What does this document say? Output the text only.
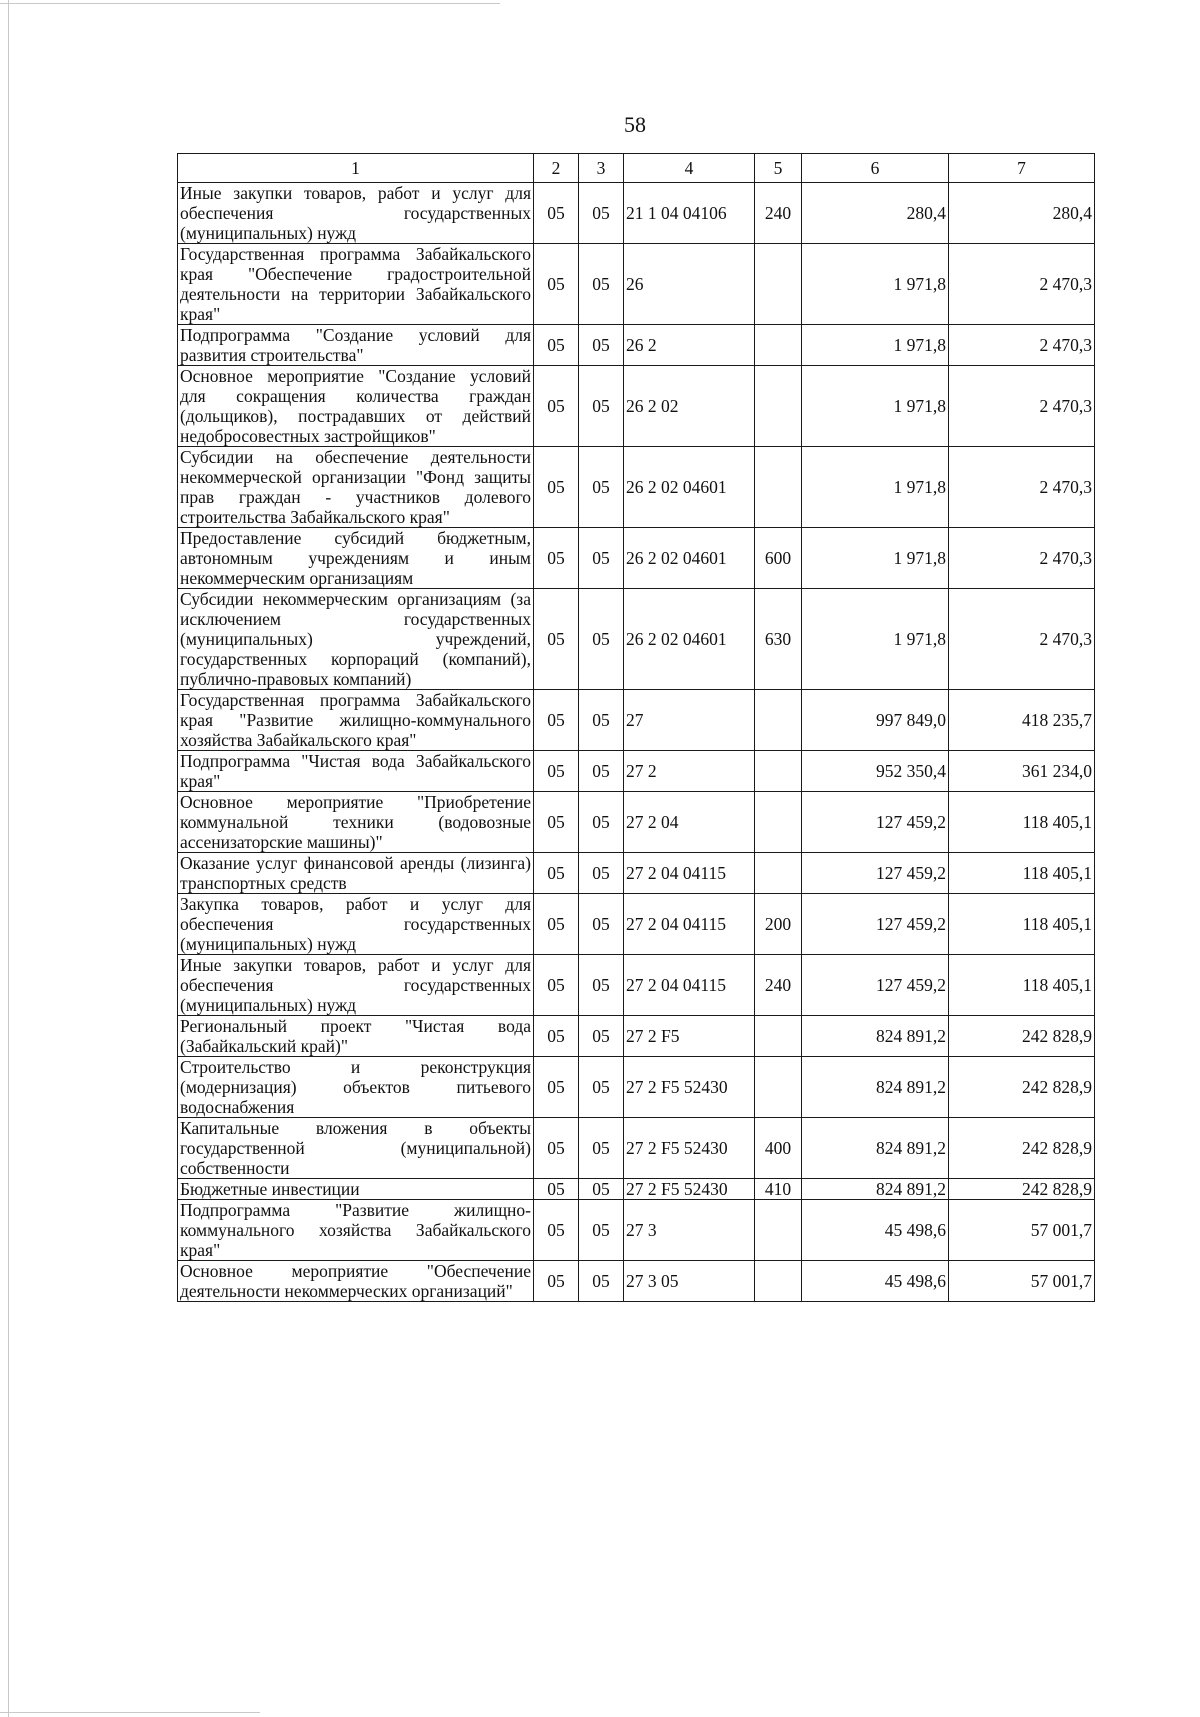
58
1	2	3	4	5	6	7
Иные закупки товаров, работ и услуг для обеспечения государственных (муниципальных) нужд	05	05	21 1 04 04106	240	280,4	280,4
Государственная программа Забайкальского края "Обеспечение градостроительной деятельности на территории Забайкальского края"	05	05	26		1 971,8	2 470,3
Подпрограмма "Создание условий для развития строительства"	05	05	26 2		1 971,8	2 470,3
Основное мероприятие "Создание условий для сокращения количества граждан (дольщиков), пострадавших от действий недобросовестных застройщиков"	05	05	26 2 02		1 971,8	2 470,3
Субсидии на обеспечение деятельности некоммерческой организации "Фонд защиты прав граждан - участников долевого строительства Забайкальского края"	05	05	26 2 02 04601		1 971,8	2 470,3
Предоставление субсидий бюджетным, автономным учреждениям и иным некоммерческим организациям	05	05	26 2 02 04601	600	1 971,8	2 470,3
Субсидии некоммерческим организациям (за исключением государственных (муниципальных) учреждений, государственных корпораций (компаний), публично-правовых компаний)	05	05	26 2 02 04601	630	1 971,8	2 470,3
Государственная программа Забайкальского края "Развитие жилищно-коммунального хозяйства Забайкальского края"	05	05	27		997 849,0	418 235,7
Подпрограмма "Чистая вода Забайкальского края"	05	05	27 2		952 350,4	361 234,0
Основное мероприятие "Приобретение коммунальной техники (водовозные ассенизаторские машины)"	05	05	27 2 04		127 459,2	118 405,1
Оказание услуг финансовой аренды (лизинга) транспортных средств	05	05	27 2 04 04115		127 459,2	118 405,1
Закупка товаров, работ и услуг для обеспечения государственных (муниципальных) нужд	05	05	27 2 04 04115	200	127 459,2	118 405,1
Иные закупки товаров, работ и услуг для обеспечения государственных (муниципальных) нужд	05	05	27 2 04 04115	240	127 459,2	118 405,1
Региональный проект "Чистая вода (Забайкальский край)"	05	05	27 2 F5		824 891,2	242 828,9
Строительство и реконструкция (модернизация) объектов питьевого водоснабжения	05	05	27 2 F5 52430		824 891,2	242 828,9
Капитальные вложения в объекты государственной (муниципальной) собственности	05	05	27 2 F5 52430	400	824 891,2	242 828,9
Бюджетные инвестиции	05	05	27 2 F5 52430	410	824 891,2	242 828,9
Подпрограмма "Развитие жилищно-коммунального хозяйства Забайкальского края"	05	05	27 3		45 498,6	57 001,7
Основное мероприятие "Обеспечение деятельности некоммерческих организаций"	05	05	27 3 05		45 498,6	57 001,7
